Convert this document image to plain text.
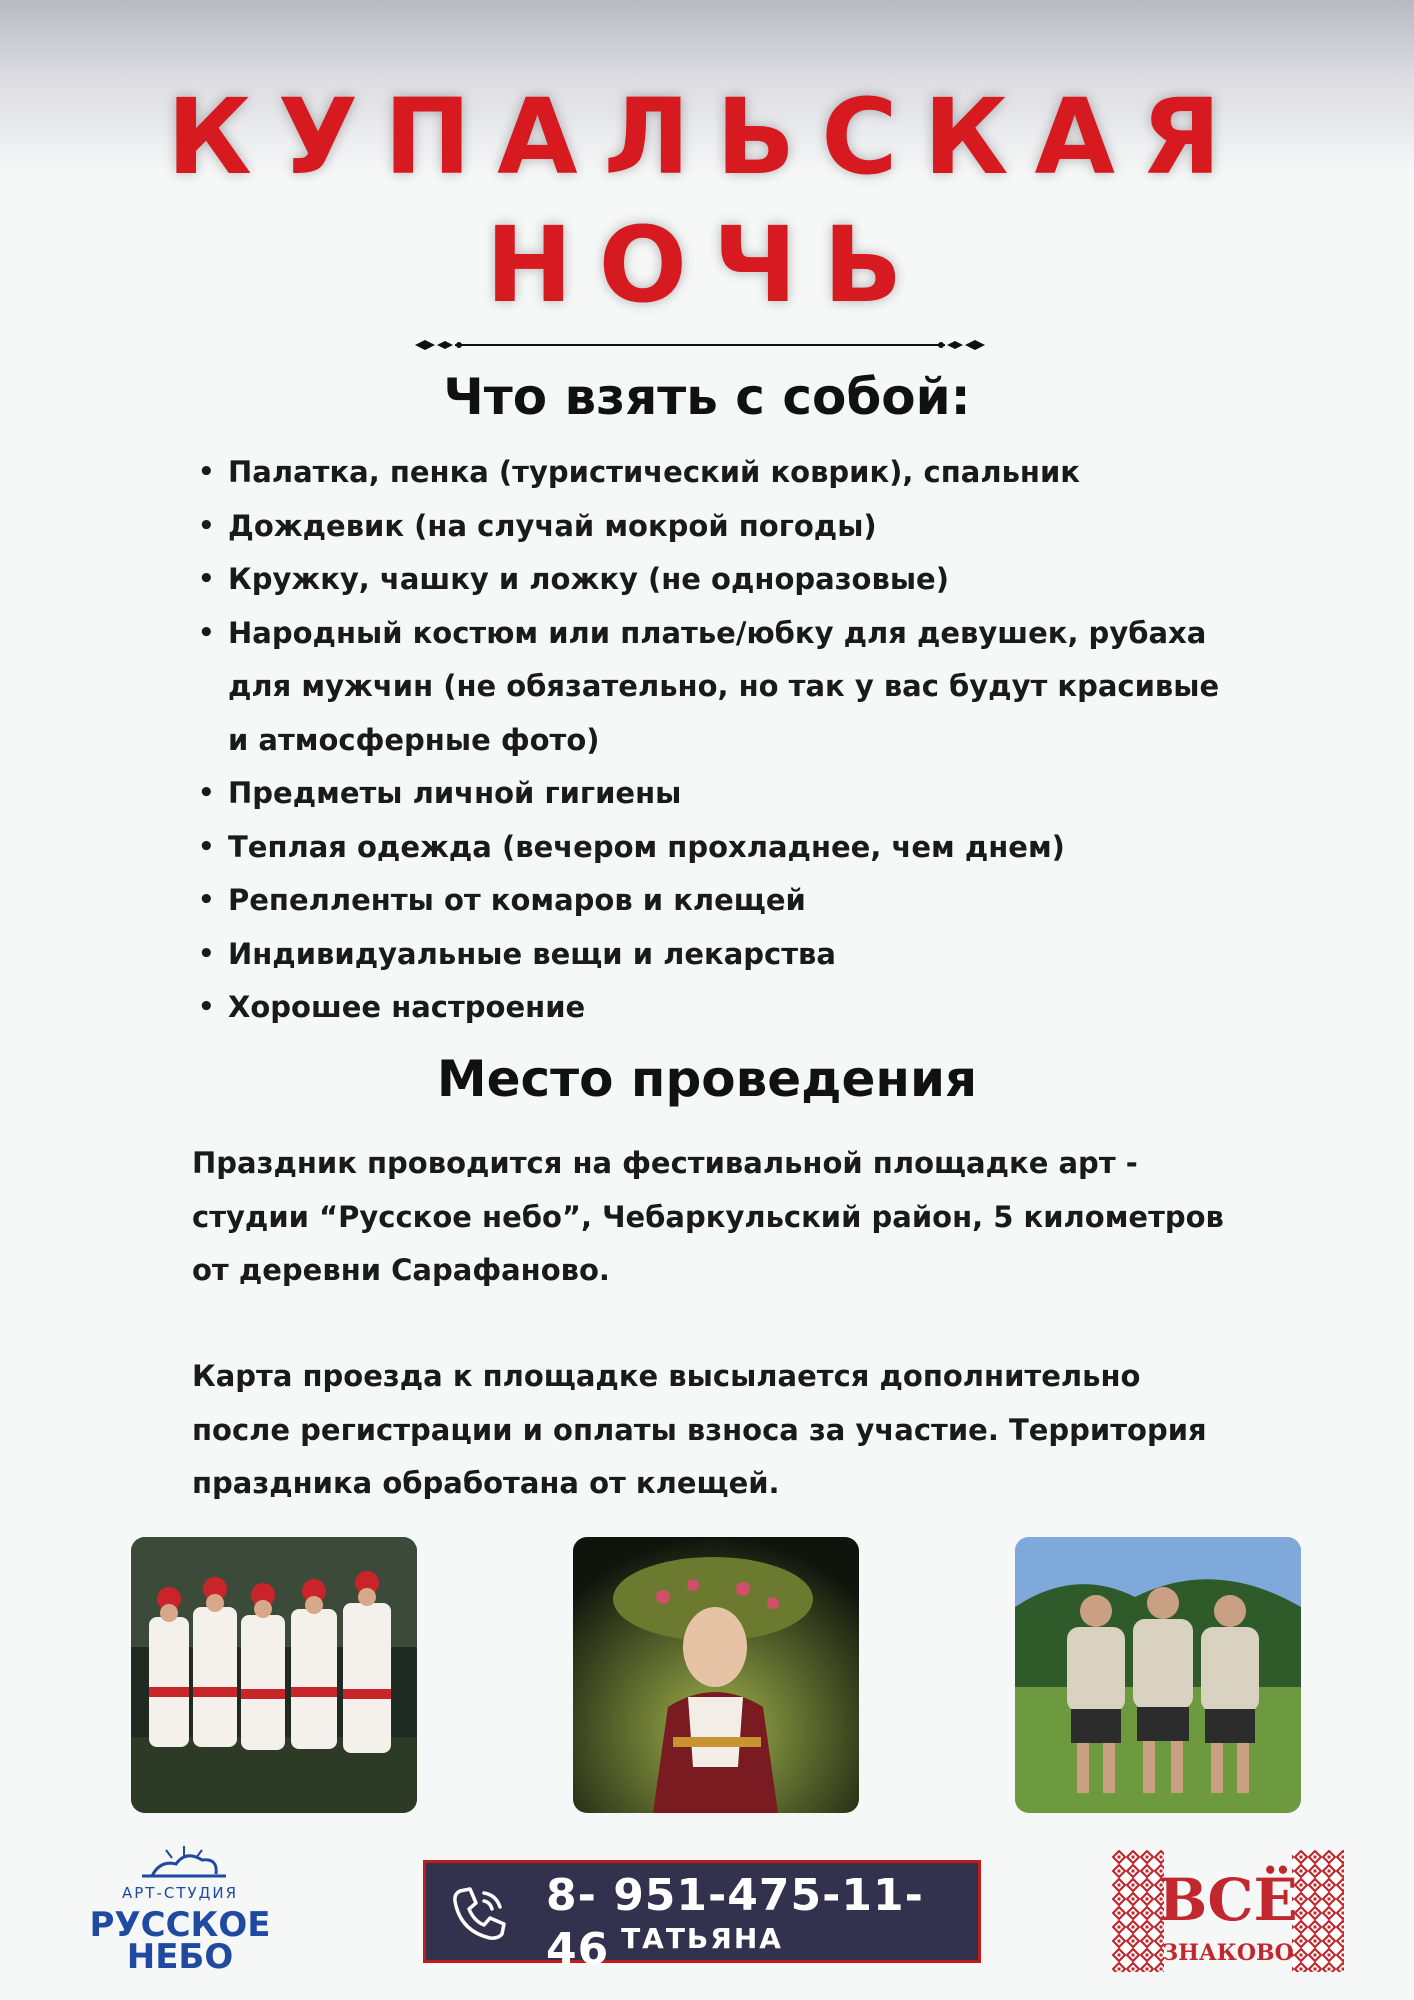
КУПАЛЬСКАЯ
НОЧЬ
Что взять с собой:
• Палатка, пенка (туристический коврик), спальник
• Дождевик (на случай мокрой погоды)
• Кружку, чашку и ложку (не одноразовые)
• Народный костюм или платье/юбку для девушек, рубаха для мужчин (не обязательно, но так у вас будут красивые и атмосферные фото)
• Предметы личной гигиены
• Теплая одежда (вечером прохладнее, чем днем)
• Репелленты от комаров и клещей
• Индивидуальные вещи и лекарства
• Хорошее настроение
Место проведения
Праздник проводится на фестивальной площадке арт - студии “Русское небо”, Чебаркульский район, 5 километров от деревни Сарафаново.
Карта проезда к площадке высылается дополнительно после регистрации и оплаты взноса за участие. Территория праздника обработана от клещей.
АРТ-СТУДИЯ
РУССКОЕ
НЕБО
8- 951-475-11-46 ТАТЬЯНА
ВСЁ
ЗНАКОВО
